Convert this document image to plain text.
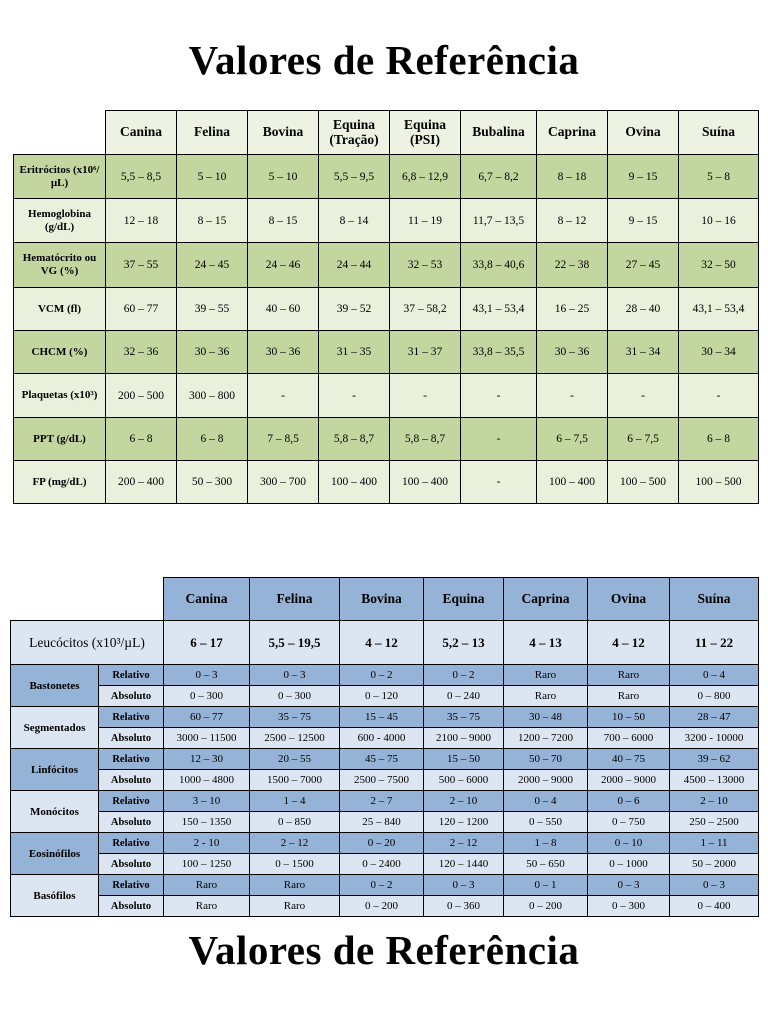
Valores de Referência
	Canina	Felina	Bovina	Equina (Tração)	Equina (PSI)	Bubalina	Caprina	Ovina	Suína
Eritrócitos (x10⁶/µL)	5,5 – 8,5	5 – 10	5 – 10	5,5 – 9,5	6,8 – 12,9	6,7 – 8,2	8 – 18	9 – 15	5 – 8
Hemoglobina (g/dL)	12 – 18	8 – 15	8 – 15	8 – 14	11 – 19	11,7 – 13,5	8 – 12	9 – 15	10 – 16
Hematócrito ou VG (%)	37 – 55	24 – 45	24 – 46	24 – 44	32 – 53	33,8 – 40,6	22 – 38	27 – 45	32 – 50
VCM (fl)	60 – 77	39 – 55	40 – 60	39 – 52	37 – 58,2	43,1 – 53,4	16 – 25	28 – 40	43,1 – 53,4
CHCM (%)	32 – 36	30 – 36	30 – 36	31 – 35	31 – 37	33,8 – 35,5	30 – 36	31 – 34	30 – 34
Plaquetas (x10³)	200 – 500	300 – 800	-	-	-	-	-	-	-
PPT (g/dL)	6 – 8	6 – 8	7 – 8,5	5,8 – 8,7	5,8 – 8,7	-	6 – 7,5	6 – 7,5	6 – 8
FP (mg/dL)	200 – 400	50 – 300	300 – 700	100 – 400	100 – 400	-	100 – 400	100 – 500	100 – 500
		Canina	Felina	Bovina	Equina	Caprina	Ovina	Suína
Leucócitos (x10³/µL)		6 – 17	5,5 – 19,5	4 – 12	5,2 – 13	4 – 13	4 – 12	11 – 22
Bastonetes	Relativo	0 – 3	0 – 3	0 – 2	0 – 2	Raro	Raro	0 – 4
	Absoluto	0 – 300	0 – 300	0 – 120	0 – 240	Raro	Raro	0 – 800
Segmentados	Relativo	60 – 77	35 – 75	15 – 45	35 – 75	30 – 48	10 – 50	28 – 47
	Absoluto	3000 – 11500	2500 – 12500	600 - 4000	2100 – 9000	1200 – 7200	700 – 6000	3200 - 10000
Linfócitos	Relativo	12 – 30	20 – 55	45 – 75	15 – 50	50 – 70	40 – 75	39 – 62
	Absoluto	1000 – 4800	1500 – 7000	2500 – 7500	500 – 6000	2000 – 9000	2000 – 9000	4500 – 13000
Monócitos	Relativo	3 – 10	1 – 4	2 – 7	2 – 10	0 – 4	0 – 6	2 – 10
	Absoluto	150 – 1350	0 – 850	25 – 840	120 – 1200	0 – 550	0 – 750	250 – 2500
Eosinófilos	Relativo	2 - 10	2 – 12	0 – 20	2 – 12	1 – 8	0 – 10	1 – 11
	Absoluto	100 – 1250	0 – 1500	0 – 2400	120 – 1440	50 – 650	0 – 1000	50 – 2000
Basófilos	Relativo	Raro	Raro	0 – 2	0 – 3	0 – 1	0 – 3	0 – 3
	Absoluto	Raro	Raro	0 – 200	0 – 360	0 – 200	0 – 300	0 – 400
Valores de Referência
